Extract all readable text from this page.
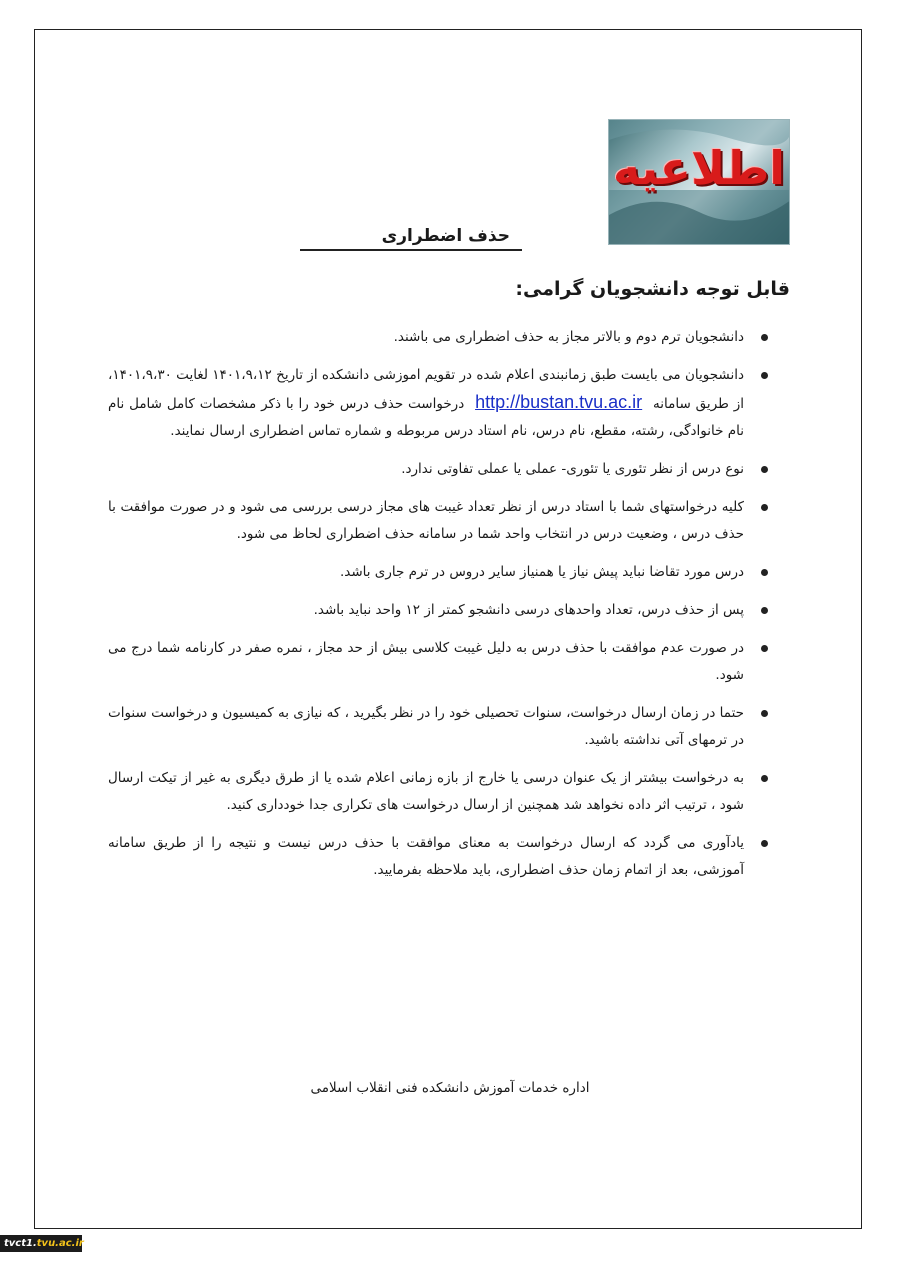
اطلاعیه
حذف اضطراری
قابل توجه دانشجویان گرامی:
دانشجویان ترم دوم و بالاتر مجاز به حذف اضطراری می باشند.
دانشجویان می بایست طبق زمانبندی اعلام شده در تقویم اموزشی دانشکده از تاریخ ۱۴۰۱،۹،۱۲ لغایت ۱۴۰۱،۹،۳۰، از طریق سامانه http://bustan.tvu.ac.ir درخواست حذف درس خود را با ذکر مشخصات کامل شامل نام نام خانوادگی، رشته، مقطع، نام درس، نام استاد درس مربوطه و شماره تماس اضطراری ارسال نمایند.
نوع درس از نظر تئوری یا تئوری- عملی یا عملی تفاوتی ندارد.
کلیه درخواستهای شما با استاد درس از نظر تعداد غیبت های مجاز درسی بررسی می شود و در صورت موافقت با حذف درس ، وضعیت درس در انتخاب واحد شما در سامانه حذف اضطراری لحاظ می شود.
درس مورد تقاضا نباید پیش نیاز یا همنیاز سایر دروس در ترم جاری باشد.
پس از حذف درس، تعداد واحدهای درسی دانشجو کمتر از ۱۲ واحد نباید باشد.
در صورت عدم موافقت با حذف درس به دلیل غیبت کلاسی بیش از حد مجاز ، نمره صفر در کارنامه شما درج می شود.
حتما در زمان ارسال درخواست، سنوات تحصیلی خود را در نظر بگیرید ، که نیازی به کمیسیون و درخواست سنوات در ترمهای آتی نداشته باشید.
به درخواست بیشتر از یک عنوان درسی یا خارج از بازه زمانی اعلام شده یا از طرق دیگری به غیر از تیکت ارسال شود ، ترتیب اثر داده نخواهد شد همچنین از ارسال درخواست های تکراری جدا خودداری کنید.
یادآوری می گردد که ارسال درخواست به معنای موافقت با حذف درس نیست و نتیجه را از طریق سامانه آموزشی، بعد از اتمام زمان حذف اضطراری، باید ملاحظه بفرمایید.
اداره خدمات آموزش دانشکده فنی انقلاب اسلامی
tvct1.tvu.ac.ir
